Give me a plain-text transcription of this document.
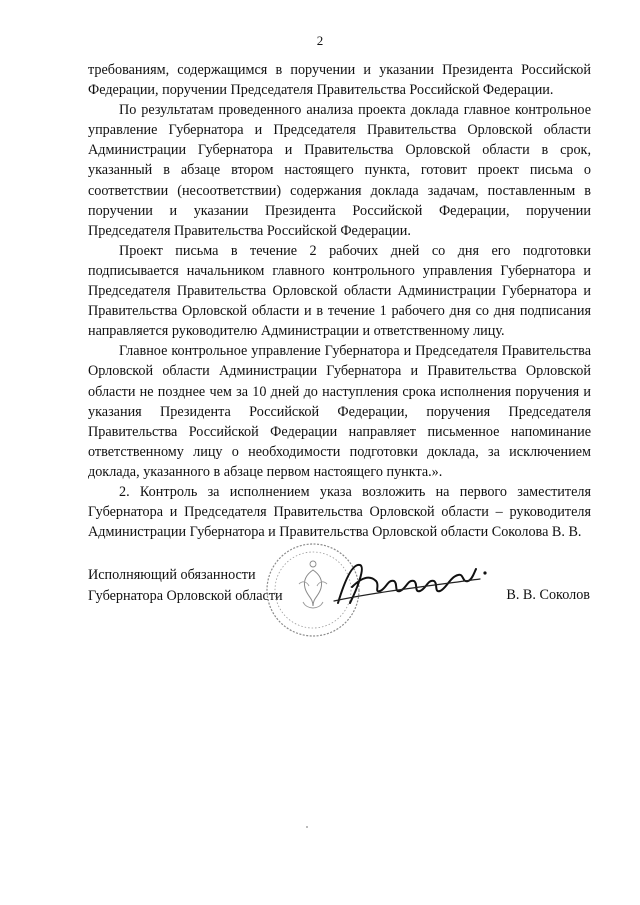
2

требованиям, содержащимся в поручении и указании Президента Российской Федерации, поручении Председателя Правительства Российской Федерации.

По результатам проведенного анализа проекта доклада главное контрольное управление Губернатора и Председателя Правительства Орловской области Администрации Губернатора и Правительства Орловской области в срок, указанный в абзаце втором настоящего пункта, готовит проект письма о соответствии (несоответствии) содержания доклада задачам, поставленным в поручении и указании Президента Российской Федерации, поручении Председателя Правительства Российской Федерации.

Проект письма в течение 2 рабочих дней со дня его подготовки подписывается начальником главного контрольного управления Губернатора и Председателя Правительства Орловской области Администрации Губернатора и Правительства Орловской области и в течение 1 рабочего дня со дня подписания направляется руководителю Администрации и ответственному лицу.

Главное контрольное управление Губернатора и Председателя Правительства Орловской области Администрации Губернатора и Правительства Орловской области не позднее чем за 10 дней до наступления срока исполнения поручения и указания Президента Российской Федерации, поручения Председателя Правительства Российской Федерации направляет письменное напоминание ответственному лицу о необходимости подготовки доклада, за исключением доклада, указанного в абзаце первом настоящего пункта.».

2. Контроль за исполнением указа возложить на первого заместителя Губернатора и Председателя Правительства Орловской области – руководителя Администрации Губернатора и Правительства Орловской области Соколова В. В.

Исполняющий обязанности
Губернатора Орловской области	В. В. Соколов
